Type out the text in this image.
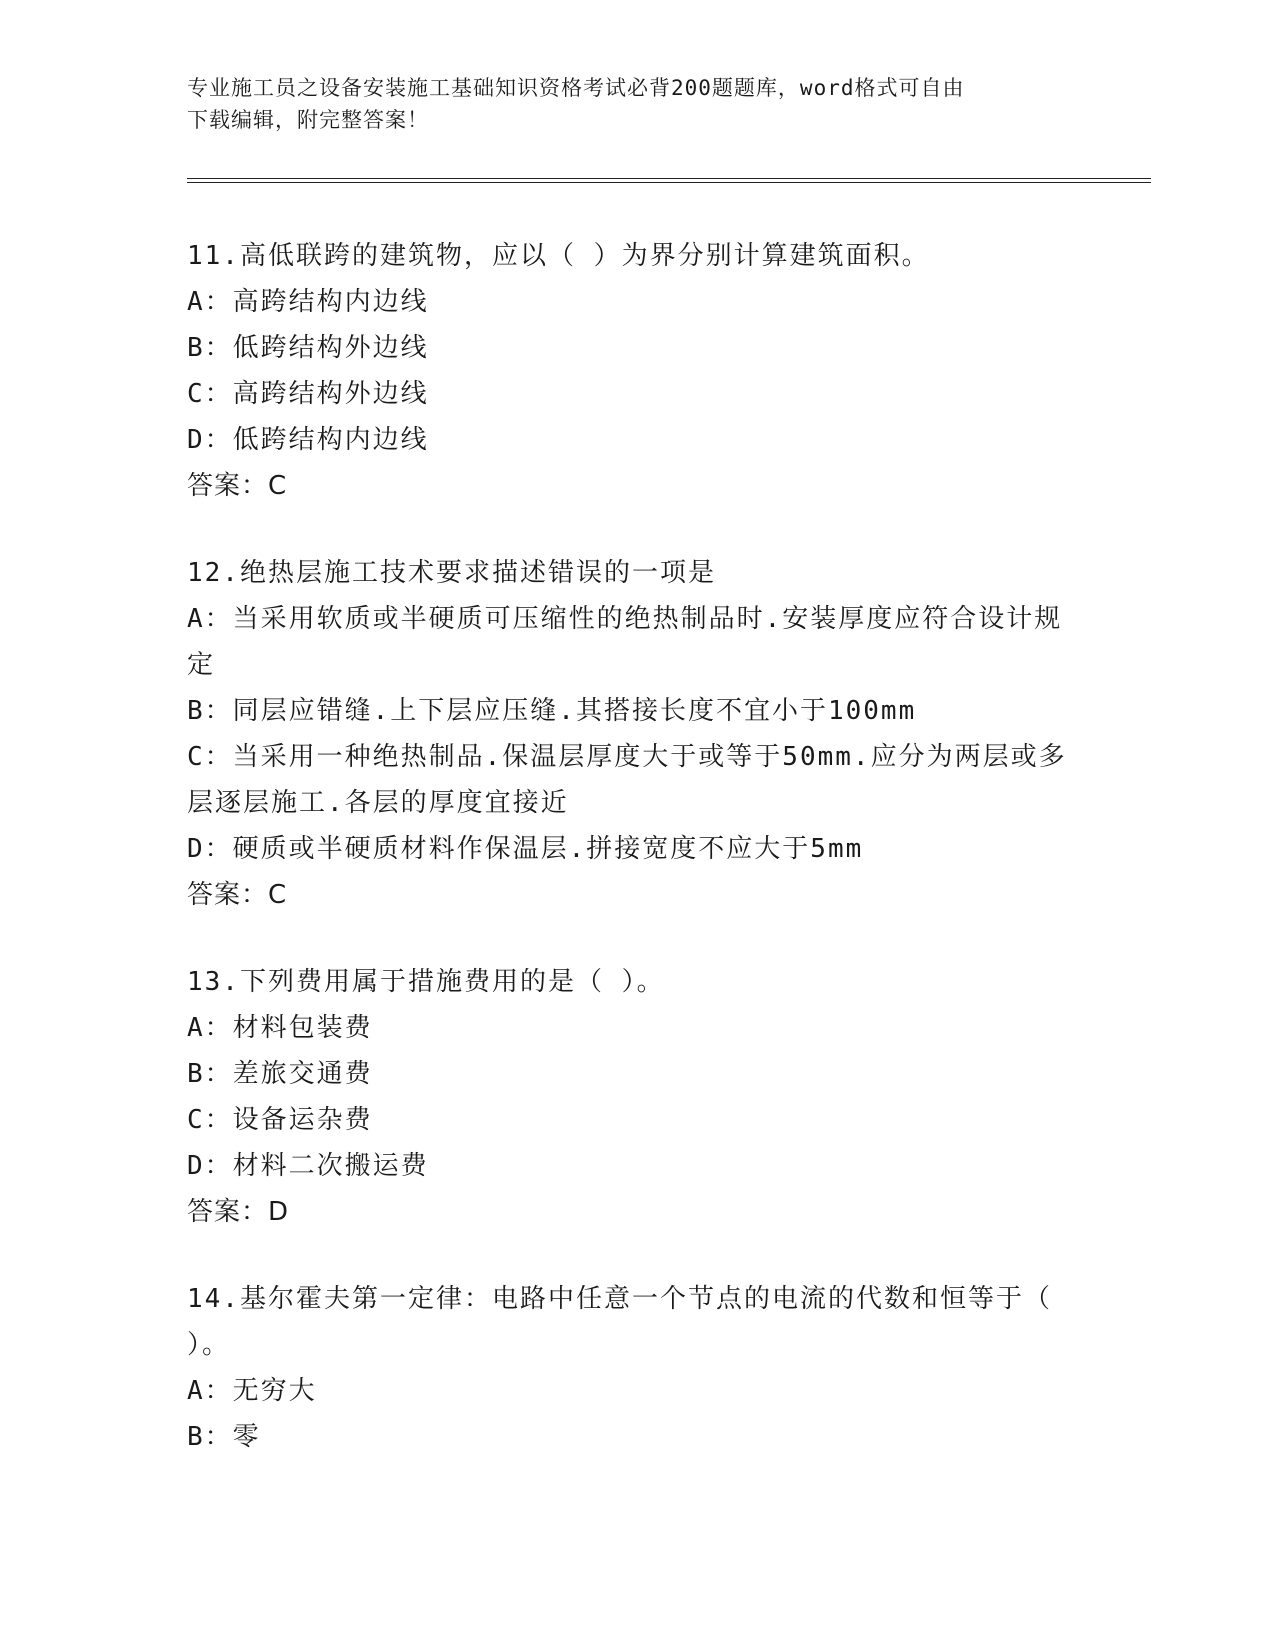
专业施工员之设备安装施工基础知识资格考试必背200题题库，word格式可自由
下载编辑，附完整答案！
11.高低联跨的建筑物，应以（ ）为界分别计算建筑面积。
A：高跨结构内边线
B：低跨结构外边线
C：高跨结构外边线
D：低跨结构内边线
答案：C
12.绝热层施工技术要求描述错误的一项是
A：当采用软质或半硬质可压缩性的绝热制品时.安装厚度应符合设计规定
B：同层应错缝.上下层应压缝.其搭接长度不宜小于100mm
C：当采用一种绝热制品.保温层厚度大于或等于50mm.应分为两层或多层逐层施工.各层的厚度宜接近
D：硬质或半硬质材料作保温层.拼接宽度不应大于5mm
答案：C
13.下列费用属于措施费用的是（ ）。
A：材料包装费
B：差旅交通费
C：设备运杂费
D：材料二次搬运费
答案：D
14.基尔霍夫第一定律：电路中任意一个节点的电流的代数和恒等于（ ）。
A：无穷大
B：零
